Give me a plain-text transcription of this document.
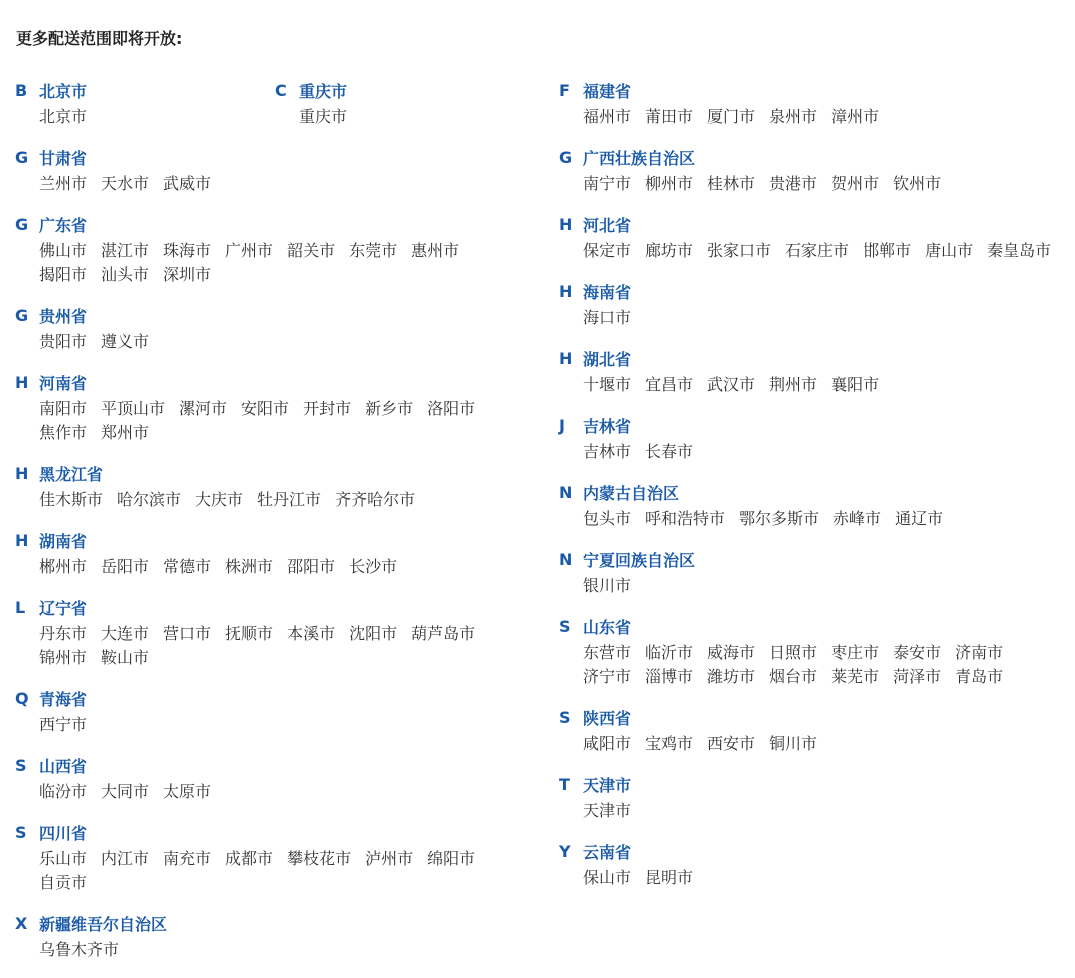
更多配送范围即将开放:
B 北京市
北京市
C 重庆市
重庆市
G 甘肃省
兰州市 天水市 武威市
G 广东省
佛山市 湛江市 珠海市 广州市 韶关市 东莞市 惠州市揭阳市 汕头市 深圳市
G 贵州省
贵阳市 遵义市
H 河南省
南阳市 平顶山市 漯河市 安阳市 开封市 新乡市 洛阳市焦作市 郑州市
H 黑龙江省
佳木斯市 哈尔滨市 大庆市 牡丹江市 齐齐哈尔市
H 湖南省
郴州市 岳阳市 常德市 株洲市 邵阳市 长沙市
L 辽宁省
丹东市 大连市 营口市 抚顺市 本溪市 沈阳市 葫芦岛市锦州市 鞍山市
Q 青海省
西宁市
S 山西省
临汾市 大同市 太原市
S 四川省
乐山市 内江市 南充市 成都市 攀枝花市 泸州市 绵阳市自贡市
X 新疆维吾尔自治区
乌鲁木齐市
F 福建省
福州市 莆田市 厦门市 泉州市 漳州市
G 广西壮族自治区
南宁市 柳州市 桂林市 贵港市 贺州市 钦州市
H 河北省
保定市 廊坊市 张家口市 石家庄市 邯郸市 唐山市 秦皇岛市
H 海南省
海口市
H 湖北省
十堰市 宜昌市 武汉市 荆州市 襄阳市
J	吉林省
吉林市 长春市
N 内蒙古自治区
包头市 呼和浩特市 鄂尔多斯市 赤峰市 通辽市
N 宁夏回族自治区
银川市
S 山东省
东营市 临沂市 威海市 日照市 枣庄市 泰安市 济南市济宁市 淄博市 潍坊市 烟台市 莱芜市 菏泽市 青岛市
S 陕西省
咸阳市 宝鸡市 西安市 铜川市
T 天津市
天津市
Y 云南省
保山市 昆明市
